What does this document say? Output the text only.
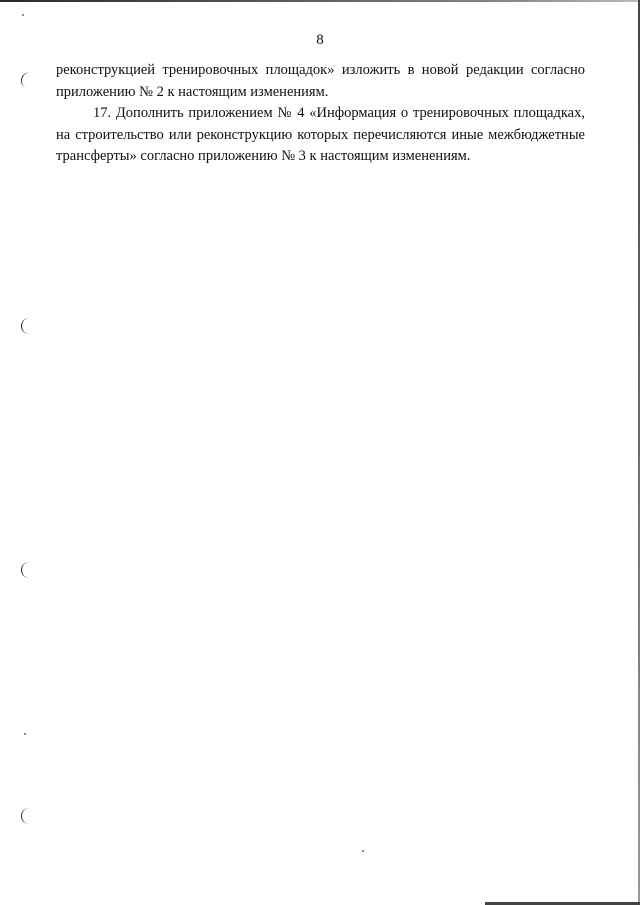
8

реконструкцией тренировочных площадок» изложить в новой редакции согласно приложению № 2 к настоящим изменениям.

17. Дополнить приложением № 4 «Информация о тренировочных площадках, на строительство или реконструкцию которых перечисляются иные межбюджетные трансферты» согласно приложению № 3 к настоящим изменениям.
